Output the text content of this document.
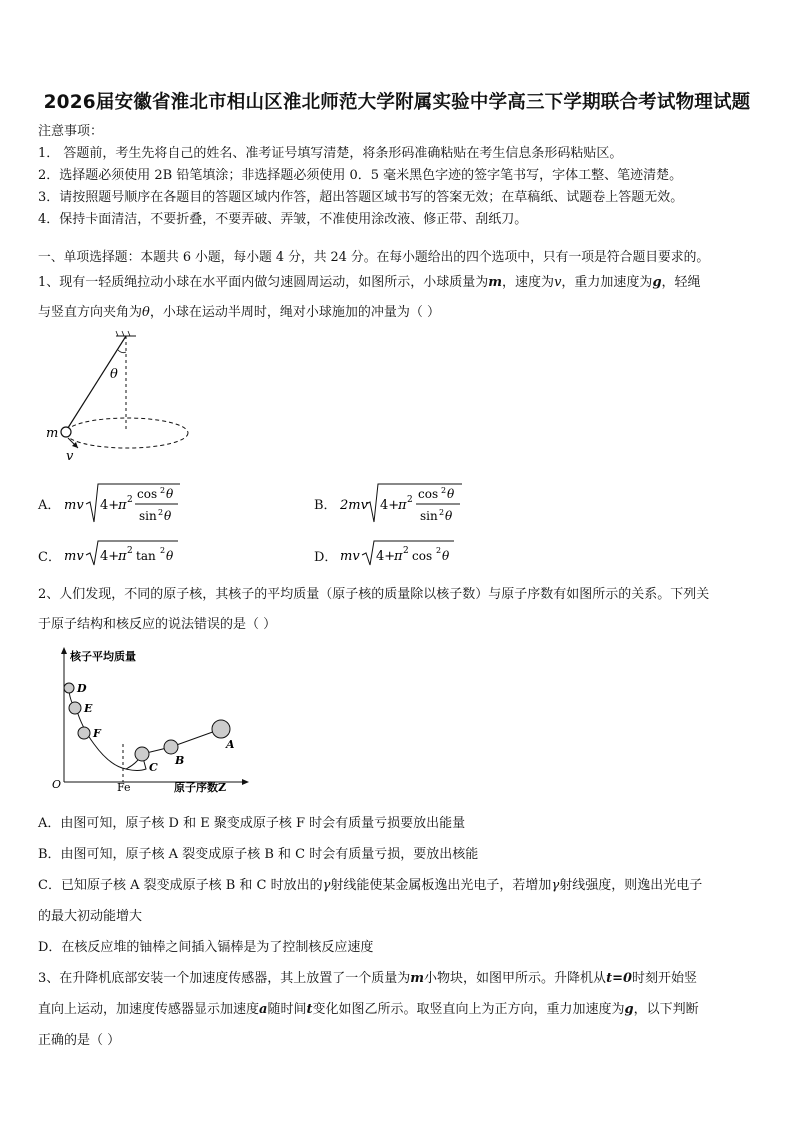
2026届安徽省淮北市相山区淮北师范大学附属实验中学高三下学期联合考试物理试题
注意事项：
1． 答题前，考生先将自己的姓名、准考证号填写清楚，将条形码准确粘贴在考生信息条形码粘贴区。
2．选择题必须使用 2B 铅笔填涂；非选择题必须使用 0．5 毫米黑色字迹的签字笔书写，字体工整、笔迹清楚。
3．请按照题号顺序在各题目的答题区域内作答，超出答题区域书写的答案无效；在草稿纸、试题卷上答题无效。
4．保持卡面清洁，不要折叠，不要弄破、弄皱，不准使用涂改液、修正带、刮纸刀。
一、单项选择题：本题共 6 小题，每小题 4 分，共 24 分。在每小题给出的四个选项中，只有一项是符合题目要求的。
1、现有一轻质绳拉动小球在水平面内做匀速圆周运动，如图所示，小球质量为m，速度为v，重力加速度为g，轻绳
与竖直方向夹角为θ，小球在运动半周时，绳对小球施加的冲量为（ ）
θ
m
v
A． mv 4+
π 2 cos 2 θ
sin 2 θ
B． 2mv 4+
π 2 cos 2 θ
sin 2 θ
C． mv 4+
π 2 tan 2 θ	D． mv 4+
π 2 cos 2 θ
2、人们发现，不同的原子核，其核子的平均质量（原子核的质量除以核子数）与原子序数有如图所示的关系。下列关
于原子结构和核反应的说法错误的是（ ）
核子平均质量
原子序数Z
O	Fe
D
E
F
C
B
A
A．由图可知，原子核 D 和 E 聚变成原子核 F 时会有质量亏损要放出能量
B．由图可知，原子核 A 裂变成原子核 B 和 C 时会有质量亏损，要放出核能
C．已知原子核 A 裂变成原子核 B 和 C 时放出的γ射线能使某金属板逸出光电子，若增加γ射线强度，则逸出光电子
的最大初动能增大
D．在核反应堆的铀棒之间插入镉棒是为了控制核反应速度
3、在升降机底部安装一个加速度传感器，其上放置了一个质量为m小物块，如图甲所示。升降机从t=0时刻开始竖
直向上运动，加速度传感器显示加速度a随时间t变化如图乙所示。取竖直向上为正方向，重力加速度为g，以下判断
正确的是（ ）
